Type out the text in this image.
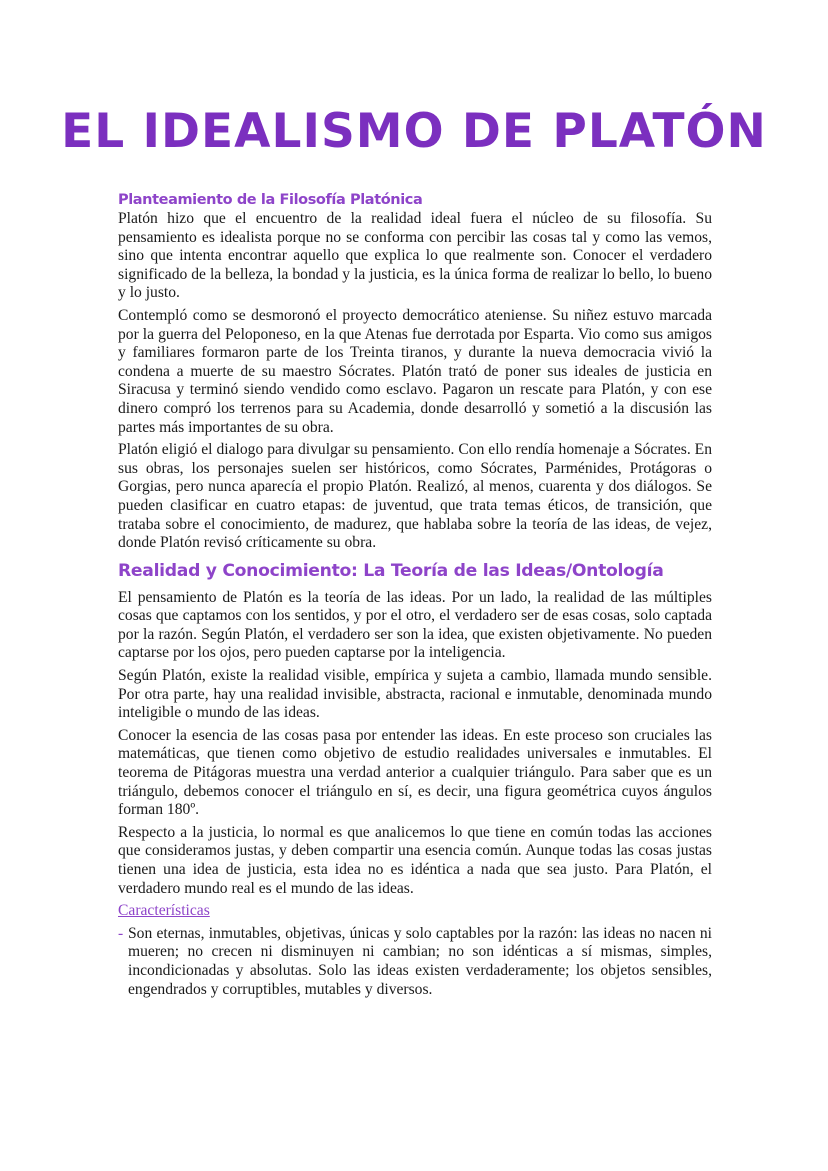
EL IDEALISMO DE PLATÓN
Planteamiento de la Filosofía Platónica

Platón hizo que el encuentro de la realidad ideal fuera el núcleo de su filosofía. Su pensamiento es idealista porque no se conforma con percibir las cosas tal y como las vemos, sino que intenta encontrar aquello que explica lo que realmente son. Conocer el verdadero significado de la belleza, la bondad y la justicia, es la única forma de realizar lo bello, lo bueno y lo justo.

Contempló como se desmoronó el proyecto democrático ateniense. Su niñez estuvo marcada por la guerra del Peloponeso, en la que Atenas fue derrotada por Esparta. Vio como sus amigos y familiares formaron parte de los Treinta tiranos, y durante la nueva democracia vivió la condena a muerte de su maestro Sócrates. Platón trató de poner sus ideales de justicia en Siracusa y terminó siendo vendido como esclavo. Pagaron un rescate para Platón, y con ese dinero compró los terrenos para su Academia, donde desarrolló y sometió a la discusión las partes más importantes de su obra.

Platón eligió el dialogo para divulgar su pensamiento. Con ello rendía homenaje a Sócrates. En sus obras, los personajes suelen ser históricos, como Sócrates, Parménides, Protágoras o Gorgias, pero nunca aparecía el propio Platón. Realizó, al menos, cuarenta y dos diálogos. Se pueden clasificar en cuatro etapas: de juventud, que trata temas éticos, de transición, que trataba sobre el conocimiento, de madurez, que hablaba sobre la teoría de las ideas, de vejez, donde Platón revisó críticamente su obra.

Realidad y Conocimiento: La Teoría de las Ideas/Ontología

El pensamiento de Platón es la teoría de las ideas. Por un lado, la realidad de las múltiples cosas que captamos con los sentidos, y por el otro, el verdadero ser de esas cosas, solo captada por la razón. Según Platón, el verdadero ser son la idea, que existen objetivamente. No pueden captarse por los ojos, pero pueden captarse por la inteligencia.

Según Platón, existe la realidad visible, empírica y sujeta a cambio, llamada mundo sensible. Por otra parte, hay una realidad invisible, abstracta, racional e inmutable, denominada mundo inteligible o mundo de las ideas.

Conocer la esencia de las cosas pasa por entender las ideas. En este proceso son cruciales las matemáticas, que tienen como objetivo de estudio realidades universales e inmutables. El teorema de Pitágoras muestra una verdad anterior a cualquier triángulo. Para saber que es un triángulo, debemos conocer el triángulo en sí, es decir, una figura geométrica cuyos ángulos forman 180º.

Respecto a la justicia, lo normal es que analicemos lo que tiene en común todas las acciones que consideramos justas, y deben compartir una esencia común. Aunque todas las cosas justas tienen una idea de justicia, esta idea no es idéntica a nada que sea justo. Para Platón, el verdadero mundo real es el mundo de las ideas.

Características
- Son eternas, inmutables, objetivas, únicas y solo captables por la razón: las ideas no nacen ni mueren; no crecen ni disminuyen ni cambian; no son idénticas a sí mismas, simples, incondicionadas y absolutas. Solo las ideas existen verdaderamente; los objetos sensibles, engendrados y corruptibles, mutables y diversos.
